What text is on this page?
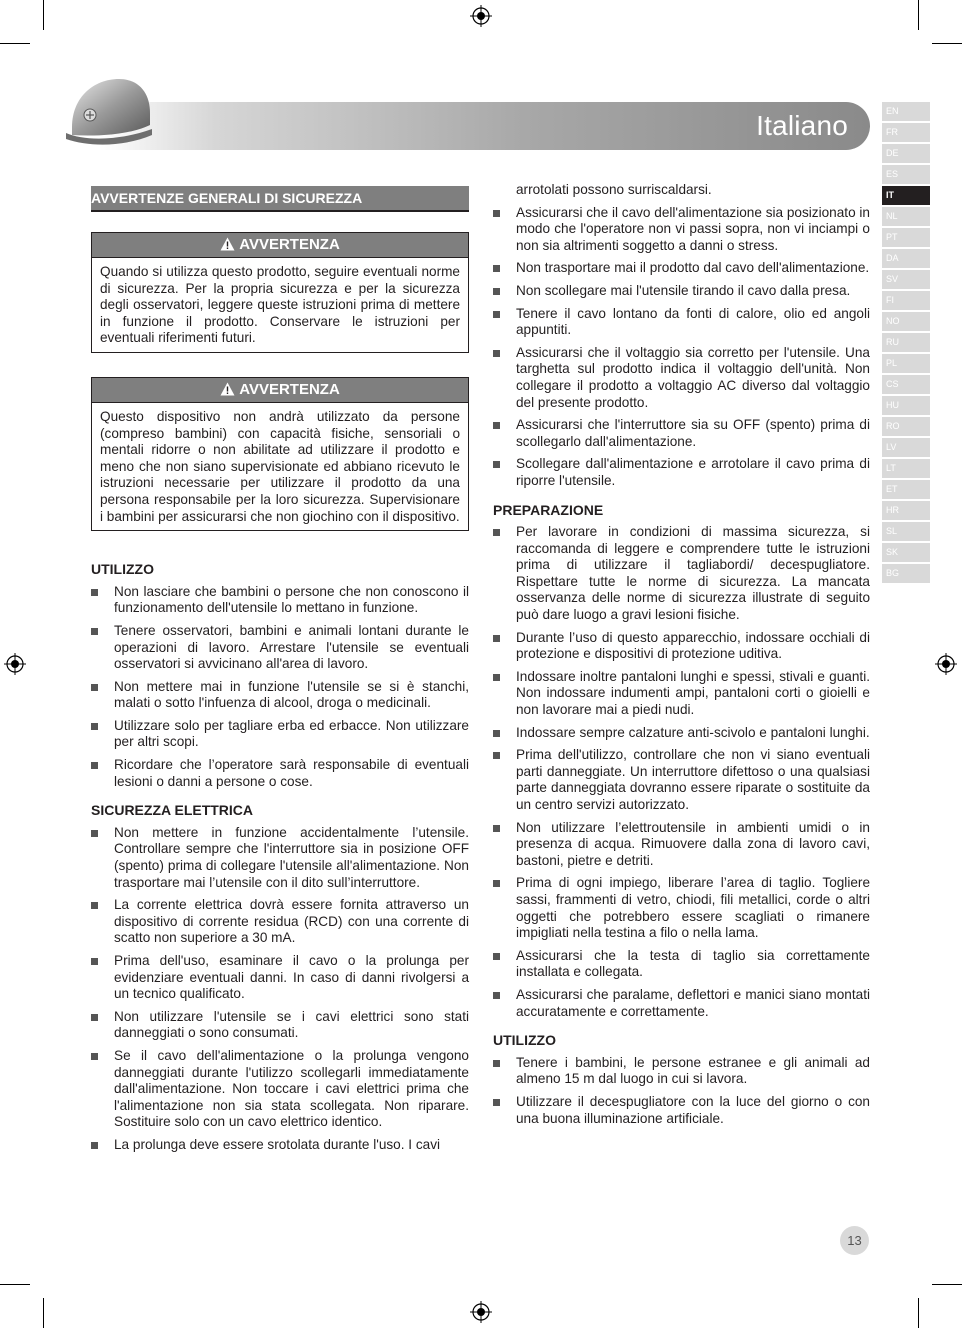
Italiano	EN
FR
DE
ES
IT
NL
PT
DA
SV
FI
NO
RU
PL
CS
HU
RO
LV
LT
ET
HR
SL
SK
BG
AVVERTENZE GENERALI DI SICUREZZA
AVVERTENZA
Quando si utilizza questo prodotto, seguire eventuali norme di sicurezza. Per la propria sicurezza e per la sicurezza degli osservatori, leggere queste istruzioni prima di mettere in funzione il prodotto. Conservare le istruzioni per eventuali riferimenti futuri.
AVVERTENZA
Questo dispositivo non andrà utilizzato da persone (compreso bambini) con capacità fisiche, sensoriali o mentali ridorre o non abilitate ad utilizzare il prodotto e meno che non siano supervisionate ed abbiano ricevuto le istruzioni necessarie per utilizzare il prodotto da una persona responsabile per la loro sicurezza. Supervisionare i bambini per assicurarsi che non giochino con il dispositivo.
UTILIZZO
Non lasciare che bambini o persone che non conoscono il funzionamento dell'utensile lo mettano in funzione.
Tenere osservatori, bambini e animali lontani durante le operazioni di lavoro. Arrestare l'utensile se eventuali osservatori si avvicinano all'area di lavoro.
Non mettere mai in funzione l'utensile se si è stanchi, malati o sotto l'infuenza di alcool, droga o medicinali.
Utilizzare solo per tagliare erba ed erbacce. Non utilizzare per altri scopi.
Ricordare che l’operatore sarà responsabile di eventuali lesioni o danni a persone o cose.
SICUREZZA ELETTRICA
Non mettere in funzione accidentalmente l’utensile. Controllare sempre che l'interruttore sia in posizione OFF (spento) prima di collegare l'utensile all'alimentazione. Non trasportare mai l’utensile con il dito sull’interruttore.
La corrente elettrica dovrà essere fornita attraverso un dispositivo di corrente residua (RCD) con una corrente di scatto non superiore a 30 mA.
Prima dell'uso, esaminare il cavo o la prolunga per evidenziare eventuali danni. In caso di danni rivolgersi a un tecnico qualificato.
Non utilizzare l'utensile se i cavi elettrici sono stati danneggiati o sono consumati.
Se il cavo dell'alimentazione o la prolunga vengono danneggiati durante l'utilizzo scollegarli immediatamente dall'alimentazione. Non toccare i cavi elettrici prima che l'alimentazione non sia stata scollegata. Non riparare. Sostituire solo con un cavo elettrico identico.
La prolunga deve essere srotolata durante l'uso. I cavi
arrotolati possono surriscaldarsi.
Assicurarsi che il cavo dell'alimentazione sia posizionato in modo che l'operatore non vi passi sopra, non vi inciampi o non sia altrimenti soggetto a danni o stress.
Non trasportare mai il prodotto dal cavo dell'alimentazione.
Non scollegare mai l'utensile tirando il cavo dalla presa.
Tenere il cavo lontano da fonti di calore, olio ed angoli appuntiti.
Assicurarsi che il voltaggio sia corretto per l'utensile. Una targhetta sul prodotto indica il voltaggio dell'unità. Non collegare il prodotto a voltaggio AC diverso dal voltaggio del presente prodotto.
Assicurarsi che l'interruttore sia su OFF (spento) prima di scollegarlo dall'alimentazione.
Scollegare dall'alimentazione e arrotolare il cavo prima di riporre l'utensile.
PREPARAZIONE
Per lavorare in condizioni di massima sicurezza, si raccomanda di leggere e comprendere tutte le istruzioni prima di utilizzare il tagliabordi/ decespugliatore. Rispettare tutte le norme di sicurezza. La mancata osservanza delle norme di sicurezza illustrate di seguito può dare luogo a gravi lesioni fisiche.
Durante l’uso di questo apparecchio, indossare occhiali di protezione e dispositivi di protezione uditiva.
Indossare inoltre pantaloni lunghi e spessi, stivali e guanti. Non indossare indumenti ampi, pantaloni corti o gioielli e non lavorare mai a piedi nudi.
Indossare sempre calzature anti-scivolo e pantaloni lunghi.
Prima dell'utilizzo, controllare che non vi siano eventuali parti danneggiate. Un interruttore difettoso o una qualsiasi parte danneggiata dovranno essere riparate o sostituite da un centro servizi autorizzato.
Non utilizzare l’elettroutensile in ambienti umidi o in presenza di acqua. Rimuovere dalla zona di lavoro cavi, bastoni, pietre e detriti.
Prima di ogni impiego, liberare l’area di taglio. Togliere sassi, frammenti di vetro, chiodi, fili metallici, corde o altri oggetti che potrebbero essere scagliati o rimanere impigliati nella testina a filo o nella lama.
Assicurarsi che la testa di taglio sia correttamente installata e collegata.
Assicurarsi che paralame, deflettori e manici siano montati accuratamente e correttamente.
UTILIZZO
Tenere i bambini, le persone estranee e gli animali ad almeno 15 m dal luogo in cui si lavora.
Utilizzare il decespugliatore con la luce del giorno o con una buona illuminazione artificiale.
13
